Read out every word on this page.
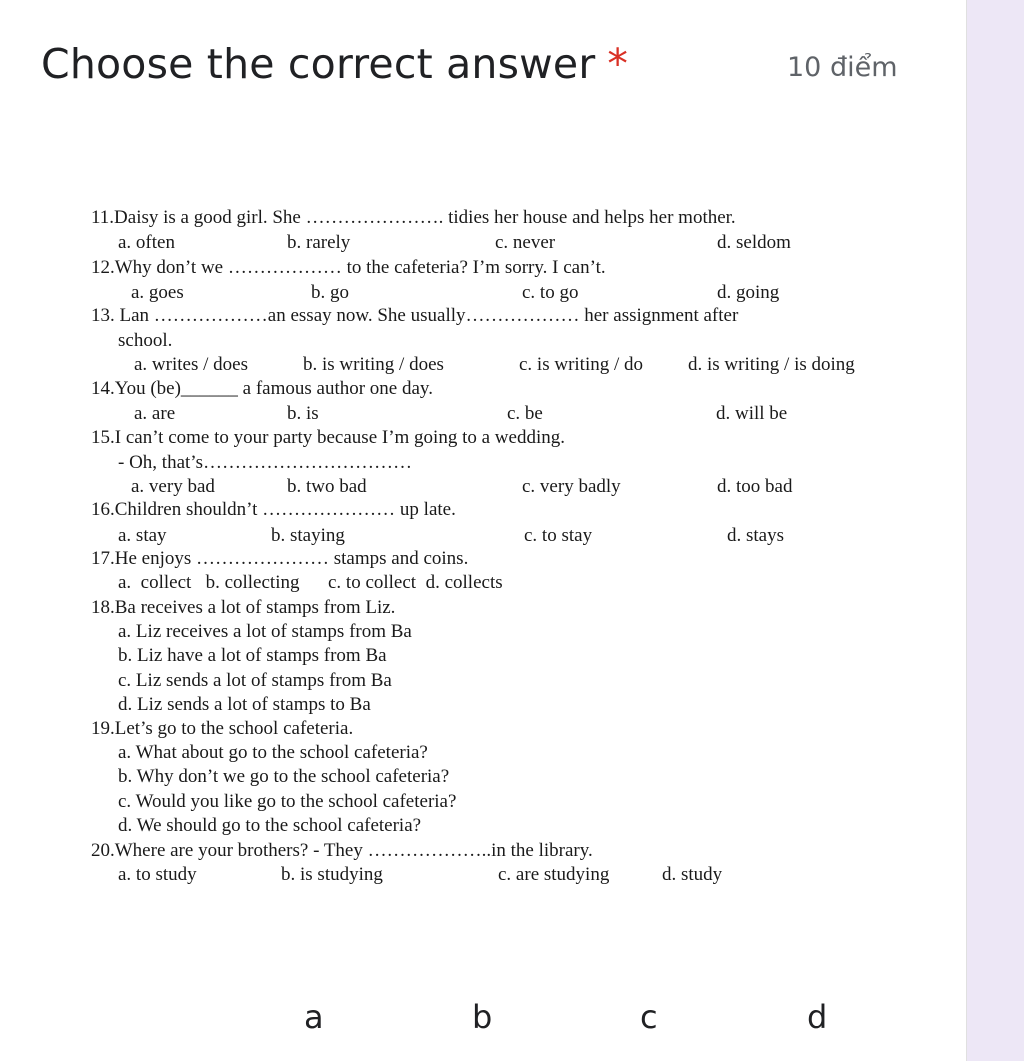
Choose the correct answer *	10 điểm
11.Daisy is a good girl. She …………………. tidies her house and helps her mother.
a. often	b. rarely	c. never	d. seldom
12.Why don’t we ……………… to the cafeteria? I’m sorry. I can’t.
a. goes	b. go	c. to go	d. going
13. Lan ………………an essay now. She usually……………… her assignment after
school.
a. writes / does	b. is writing / does	c. is writing / do d. is writing / is doing
14.You (be)______ a famous author one day.
a. are	b. is	c. be	d. will be
15.I can’t come to your party because I’m going to a wedding.
- Oh, that’s……………………………
a. very bad	b. two bad	c. very badly	d. too bad
16.Children shouldn’t ………………… up late.
a. stay	b. staying	c. to stay	d. stays
17.He enjoys ………………… stamps and coins.
a.  collect   b. collecting      c. to collect  d. collects
18.Ba receives a lot of stamps from Liz.
a. Liz receives a lot of stamps from Ba
b. Liz have a lot of stamps from Ba
c. Liz sends a lot of stamps from Ba
d. Liz sends a lot of stamps to Ba
19.Let’s go to the school cafeteria.
a. What about go to the school cafeteria?
b. Why don’t we go to the school cafeteria?
c. Would you like go to the school cafeteria?
d. We should go to the school cafeteria?
20.Where are your brothers? - They ………………..in the library.
a. to study	b. is studying	c. are studying	d. study
a	b	c	d
